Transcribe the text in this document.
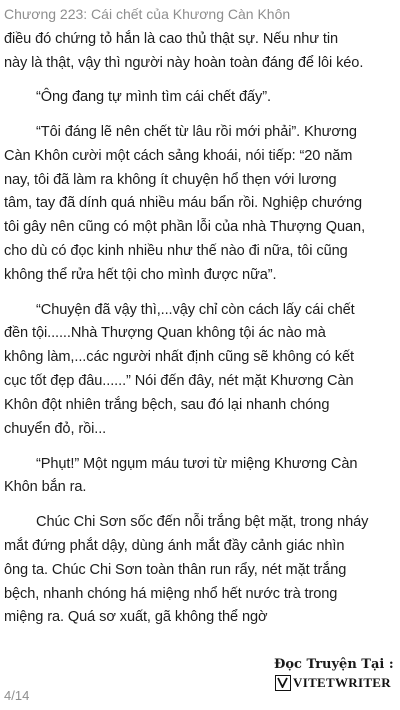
Chương 223: Cái chết của Khương Càn Khôn

điều đó chứng tỏ hắn là cao thủ thật sự. Nếu như tin
này là thật, vậy thì người này hoàn toàn đáng để lôi kéo.

“Ông đang tự mình tìm cái chết đấy”.

“Tôi đáng lẽ nên chết từ lâu rồi mới phải”. Khương
Càn Khôn cười một cách sảng khoái, nói tiếp: “20 năm
nay, tôi đã làm ra không ít chuyện hổ thẹn với lương
tâm, tay đã dính quá nhiều máu bẩn rồi. Nghiệp chướng
tôi gây nên cũng có một phần lỗi của nhà Thượng Quan,
cho dù có đọc kinh nhiều như thế nào đi nữa, tôi cũng
không thể rửa hết tội cho mình được nữa”.

“Chuyện đã vậy thì,...vậy chỉ còn cách lấy cái chết
đền tội......Nhà Thượng Quan không tội ác nào mà
không làm,...các người nhất định cũng sẽ không có kết
cục tốt đẹp đâu......” Nói đến đây, nét mặt Khương Càn
Khôn đột nhiên trắng bệch, sau đó lại nhanh chóng
chuyển đỏ, rồi...

“Phụt!” Một ngụm máu tươi từ miệng Khương Càn
Khôn bắn ra.

Chúc Chi Sơn sốc đến nỗi trắng bệt mặt, trong nháy
mắt đứng phắt dậy, dùng ánh mắt đầy cảnh giác nhìn
ông ta. Chúc Chi Sơn toàn thân run rẩy, nét mặt trắng
bệch, nhanh chóng há miệng nhổ hết nước trà trong
miệng ra. Quá sơ xuất, gã không thể ngờ

4/14
Đọc Truyện Tại :
VITETWRITER
